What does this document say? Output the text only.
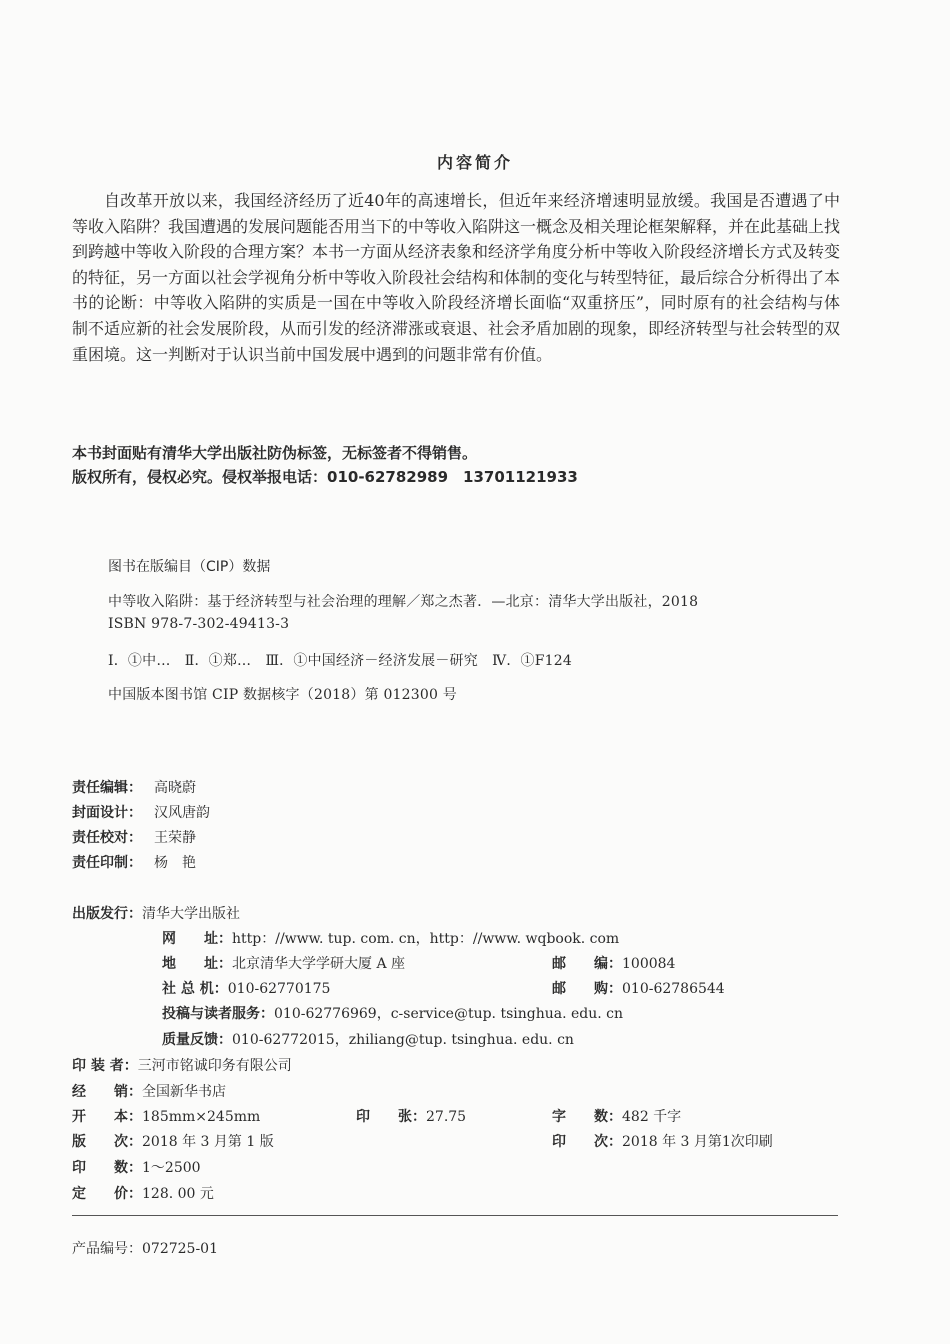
内容简介

自改革开放以来，我国经济经历了近40年的高速增长，但近年来经济增速明显放缓。我国是否遭遇了中等收入陷阱？我国遭遇的发展问题能否用当下的中等收入陷阱这一概念及相关理论框架解释，并在此基础上找到跨越中等收入阶段的合理方案？本书一方面从经济表象和经济学角度分析中等收入阶段经济增长方式及转变的特征，另一方面以社会学视角分析中等收入阶段社会结构和体制的变化与转型特征，最后综合分析得出了本书的论断：中等收入陷阱的实质是一国在中等收入阶段经济增长面临“双重挤压”，同时原有的社会结构与体制不适应新的社会发展阶段，从而引发的经济滞涨或衰退、社会矛盾加剧的现象，即经济转型与社会转型的双重困境。这一判断对于认识当前中国发展中遇到的问题非常有价值。

本书封面贴有清华大学出版社防伪标签，无标签者不得销售。
版权所有，侵权必究。侵权举报电话：010-62782989　13701121933
图书在版编目（CIP）数据
中等收入陷阱：基于经济转型与社会治理的理解／郑之杰著．—北京：清华大学出版社，2018
ISBN 978-7-302-49413-3
Ⅰ．①中…　Ⅱ．①郑…　Ⅲ．①中国经济－经济发展－研究　Ⅳ．①F124
中国版本图书馆 CIP 数据核字（2018）第 012300 号
责任编辑： 高晓蔚
封面设计： 汉风唐韵
责任校对： 王荣静
责任印制： 杨　艳
出版发行：清华大学出版社
网　　址：http：//www. tup. com. cn，http：//www. wqbook. com
地　　址：北京清华大学学研大厦 A 座	邮　　编：100084
社 总 机：010-62770175	邮　　购：010-62786544
投稿与读者服务：010-62776969，c-service@tup. tsinghua. edu. cn
质量反馈：010-62772015，zhiliang@tup. tsinghua. edu. cn
印 装 者：三河市铭诚印务有限公司
经　　销：全国新华书店
开　　本：185mm×245mm	印　　张：27.75	字　　数：482 千字
版　　次：2018 年 3 月第 1 版	印　　次：2018 年 3 月第1次印刷
印　　数：1～2500
定　　价：128. 00 元
产品编号：072725-01
